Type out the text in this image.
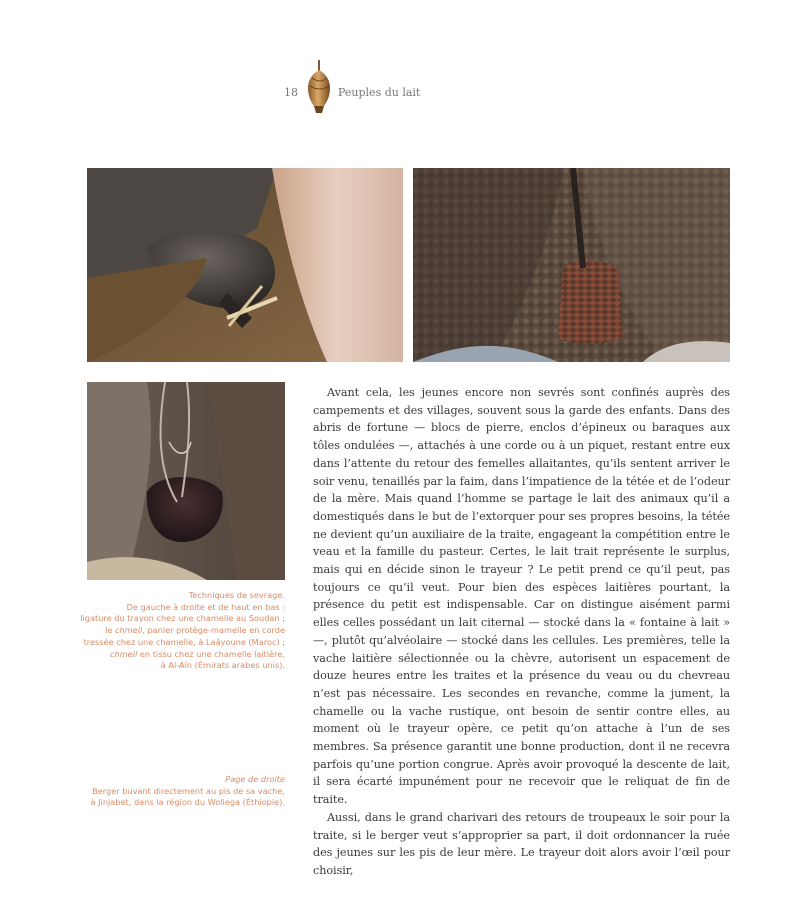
18	Peuples du lait

Techniques de sevrage.

De gauche à droite et de haut en bas :

ligature du trayon chez une chamelle au Soudan ;

le chmell, panier protège-mamelle en corde

tressée chez une chamelle, à Laâyoune (Maroc) ;

chmell en tissu chez une chamelle laitière,

à Al-Aïn (Émirats arabes unis).

Page de droite

Berger buvant directement au pis de sa vache,

à Jinjabet, dans la région du Wollega (Éthiopie).

Avant cela, les jeunes encore non sevrés sont confinés auprès des campements et des villages, souvent sous la garde des enfants. Dans des abris de fortune — blocs de pierre, enclos d’épineux ou baraques aux tôles ondulées —, attachés à une corde ou à un piquet, restant entre eux dans l’attente du retour des femelles allaitantes, qu’ils sentent arriver le soir venu, tenaillés par la faim, dans l’impatience de la tétée et de l’odeur de la mère. Mais quand l’homme se partage le lait des animaux qu’il a domestiqués dans le but de l’extorquer pour ses propres besoins, la tétée ne devient qu’un auxiliaire de la traite, engageant la compétition entre le veau et la famille du pasteur. Certes, le lait trait représente le surplus, mais qui en décide sinon le trayeur ? Le petit prend ce qu’il peut, pas toujours ce qu’il veut. Pour bien des espèces laitières pourtant, la présence du petit est indispensable. Car on distingue aisément parmi elles celles possédant un lait citernal — stocké dans la « fontaine à lait » —, plutôt qu’alvéolaire — stocké dans les cellules. Les premières, telle la vache laitière sélectionnée ou la chèvre, autorisent un espacement de douze heures entre les traites et la présence du veau ou du chevreau n’est pas nécessaire. Les secondes en revanche, comme la jument, la chamelle ou la vache rustique, ont besoin de sentir contre elles, au moment où le trayeur opère, ce petit qu’on attache à l’un de ses membres. Sa présence garantit une bonne production, dont il ne recevra parfois qu’une portion congrue. Après avoir provoqué la descente de lait, il sera écarté impunément pour ne recevoir que le reliquat de fin de traite.

Aussi, dans le grand charivari des retours de troupeaux le soir pour la traite, si le berger veut s’approprier sa part, il doit ordonnancer la ruée des jeunes sur les pis de leur mère. Le trayeur doit alors avoir l’œil pour choisir,
